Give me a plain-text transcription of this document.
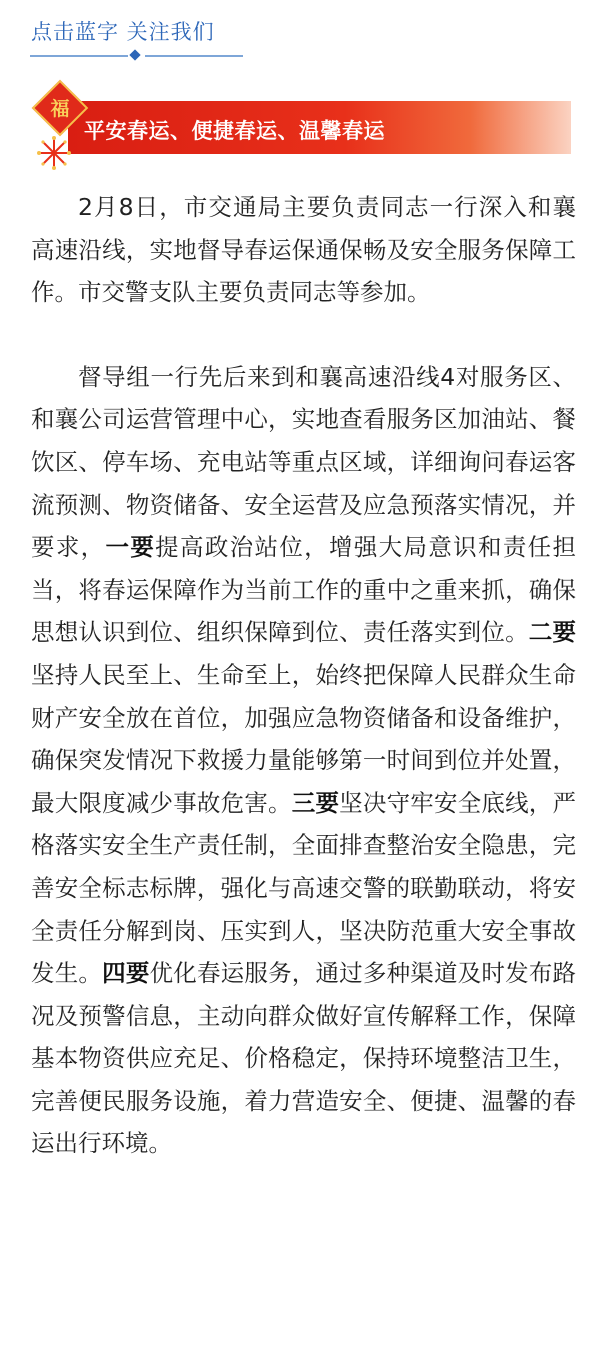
点击蓝字 关注我们
福
平安春运、便捷春运、温馨春运

2月8日，市交通局主要负责同志一行深入和襄高速沿线，实地督导春运保通保畅及安全服务保障工作。市交警支队主要负责同志等参加。

督导组一行先后来到和襄高速沿线4对服务区、和襄公司运营管理中心，实地查看服务区加油站、餐饮区、停车场、充电站等重点区域，详细询问春运客流预测、物资储备、安全运营及应急预落实情况，并要求，一要提高政治站位，增强大局意识和责任担当，将春运保障作为当前工作的重中之重来抓，确保思想认识到位、组织保障到位、责任落实到位。二要坚持人民至上、生命至上，始终把保障人民群众生命财产安全放在首位，加强应急物资储备和设备维护，确保突发情况下救援力量能够第一时间到位并处置，最大限度减少事故危害。三要坚决守牢安全底线，严格落实安全生产责任制，全面排查整治安全隐患，完善安全标志标牌，强化与高速交警的联勤联动，将安全责任分解到岗、压实到人，坚决防范重大安全事故发生。四要优化春运服务，通过多种渠道及时发布路况及预警信息，主动向群众做好宣传解释工作，保障基本物资供应充足、价格稳定，保持环境整洁卫生，完善便民服务设施，着力营造安全、便捷、温馨的春运出行环境。
